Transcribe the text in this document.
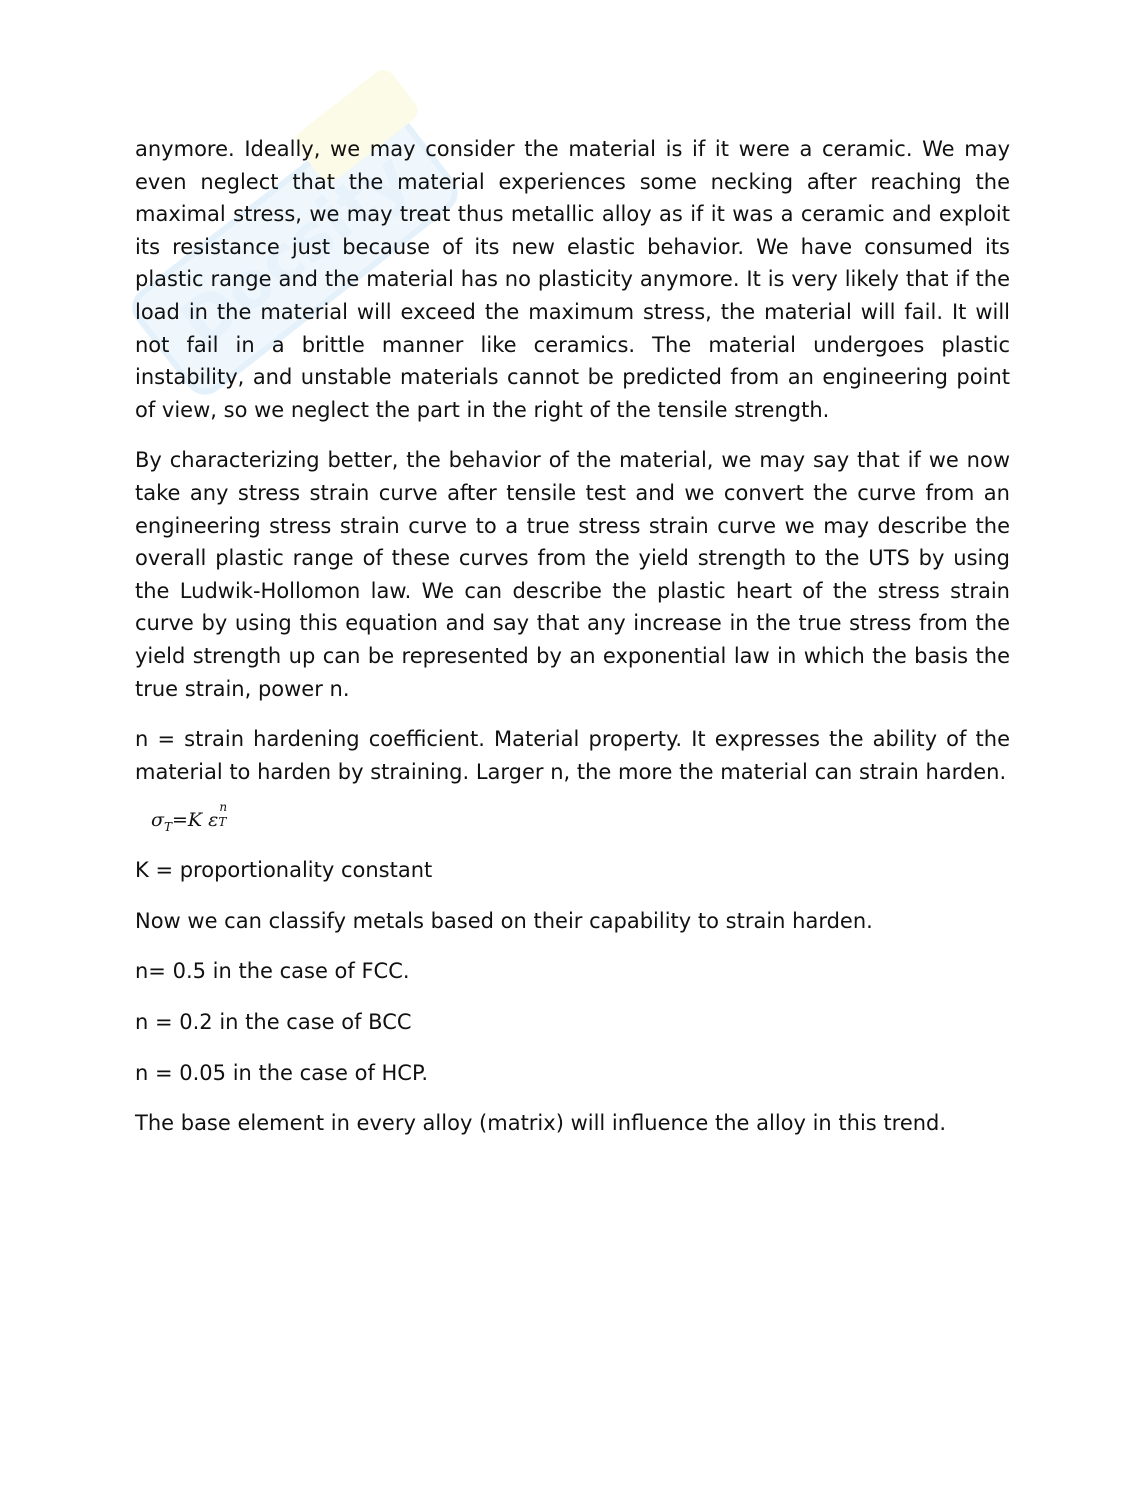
Docsity

anymore. Ideally, we may consider the material is if it were a ceramic. We may even neglect that the material experiences some necking after reaching the maximal stress, we may treat thus metallic alloy as if it was a ceramic and exploit its resistance just because of its new elastic behavior. We have consumed its plastic range and the material has no plasticity anymore. It is very likely that if the load in the material will exceed the maximum stress, the material will fail. It will not fail in a brittle manner like ceramics. The material undergoes plastic instability, and unstable materials cannot be predicted from an engineering point of view, so we neglect the part in the right of the tensile strength.

By characterizing better, the behavior of the material, we may say that if we now take any stress strain curve after tensile test and we convert the curve from an engineering stress strain curve to a true stress strain curve we may describe the overall plastic range of these curves from the yield strength to the UTS by using the Ludwik-Hollomon law. We can describe the plastic heart of the stress strain curve by using this equation and say that any increase in the true stress from the yield strength up can be represented by an exponential law in which the basis the true strain, power n.

n = strain hardening coefficient. Material property. It expresses the ability of the material to harden by straining. Larger n, the more the material can strain harden.

$\sigma_T=K$ ε
n
T

K = proportionality constant

Now we can classify metals based on their capability to strain harden.

n= 0.5 in the case of FCC.

n = 0.2 in the case of BCC

n = 0.05 in the case of HCP.

The base element in every alloy (matrix) will influence the alloy in this trend.
